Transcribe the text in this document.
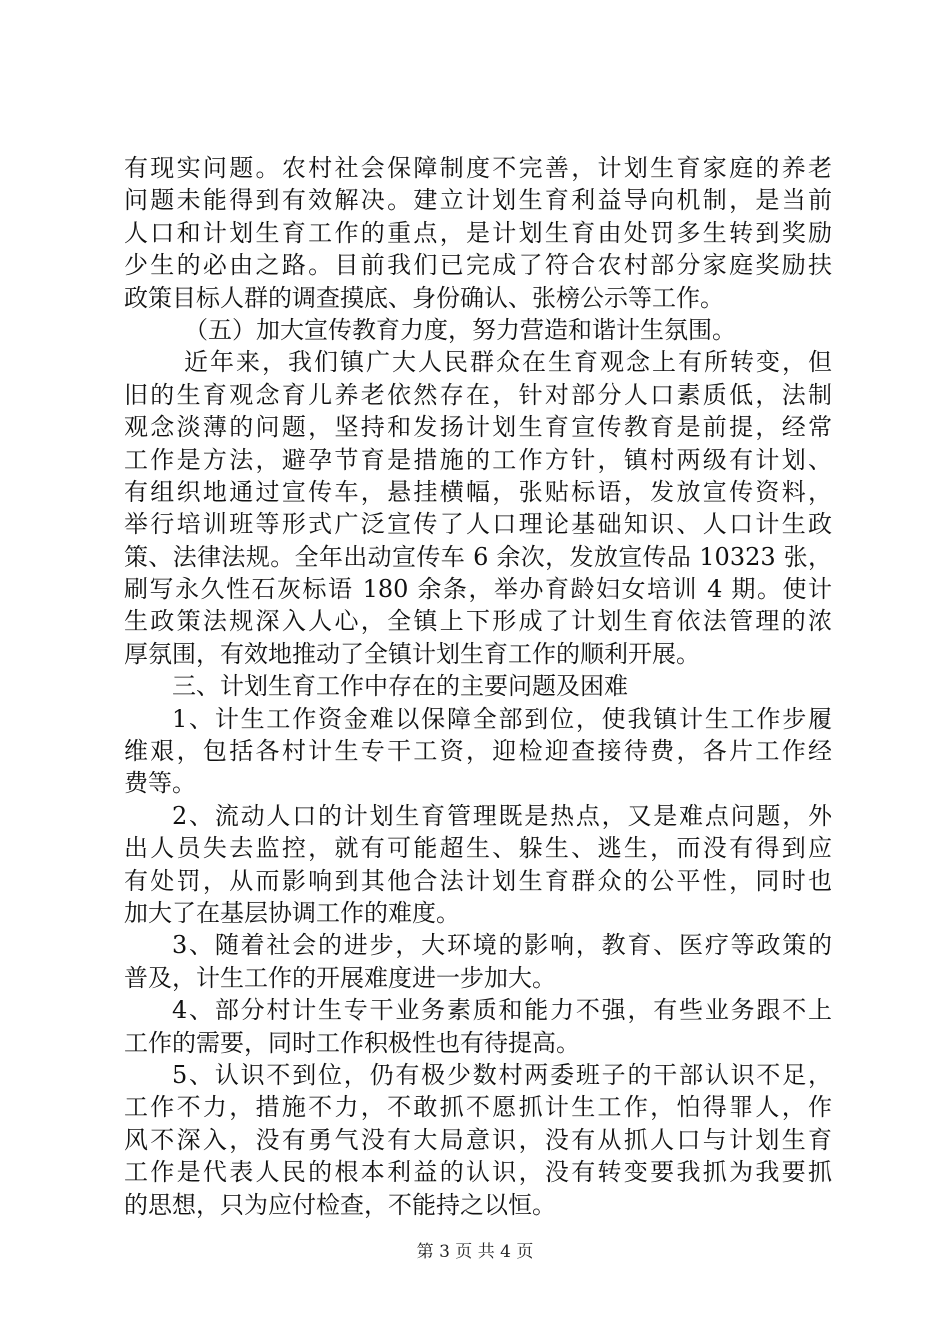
有现实问题。农村社会保障制度不完善，计划生育家庭的养老
问题未能得到有效解决。建立计划生育利益导向机制，是当前
人口和计划生育工作的重点，是计划生育由处罚多生转到奖励
少生的必由之路。目前我们已完成了符合农村部分家庭奖励扶
政策目标人群的调查摸底、身份确认、张榜公示等工作。
（五）加大宣传教育力度，努力营造和谐计生氛围。
近年来，我们镇广大人民群众在生育观念上有所转变，但
旧的生育观念育儿养老依然存在，针对部分人口素质低，法制
观念淡薄的问题，坚持和发扬计划生育宣传教育是前提，经常
工作是方法，避孕节育是措施的工作方针，镇村两级有计划、
有组织地通过宣传车，悬挂横幅，张贴标语，发放宣传资料，
举行培训班等形式广泛宣传了人口理论基础知识、人口计生政
策、法律法规。全年出动宣传车 6 余次，发放宣传品 10323 张，
刷写永久性石灰标语 180 余条，举办育龄妇女培训 4 期。使计
生政策法规深入人心，全镇上下形成了计划生育依法管理的浓
厚氛围，有效地推动了全镇计划生育工作的顺利开展。
三、计划生育工作中存在的主要问题及困难
1、计生工作资金难以保障全部到位，使我镇计生工作步履
维艰，包括各村计生专干工资，迎检迎查接待费，各片工作经
费等。
2、流动人口的计划生育管理既是热点，又是难点问题，外
出人员失去监控，就有可能超生、躲生、逃生，而没有得到应
有处罚，从而影响到其他合法计划生育群众的公平性，同时也
加大了在基层协调工作的难度。
3、随着社会的进步，大环境的影响，教育、医疗等政策的
普及，计生工作的开展难度进一步加大。
4、部分村计生专干业务素质和能力不强，有些业务跟不上
工作的需要，同时工作积极性也有待提高。
5、认识不到位，仍有极少数村两委班子的干部认识不足，
工作不力，措施不力，不敢抓不愿抓计生工作，怕得罪人，作
风不深入，没有勇气没有大局意识，没有从抓人口与计划生育
工作是代表人民的根本利益的认识，没有转变要我抓为我要抓
的思想，只为应付检查，不能持之以恒。
第 3 页 共 4 页
